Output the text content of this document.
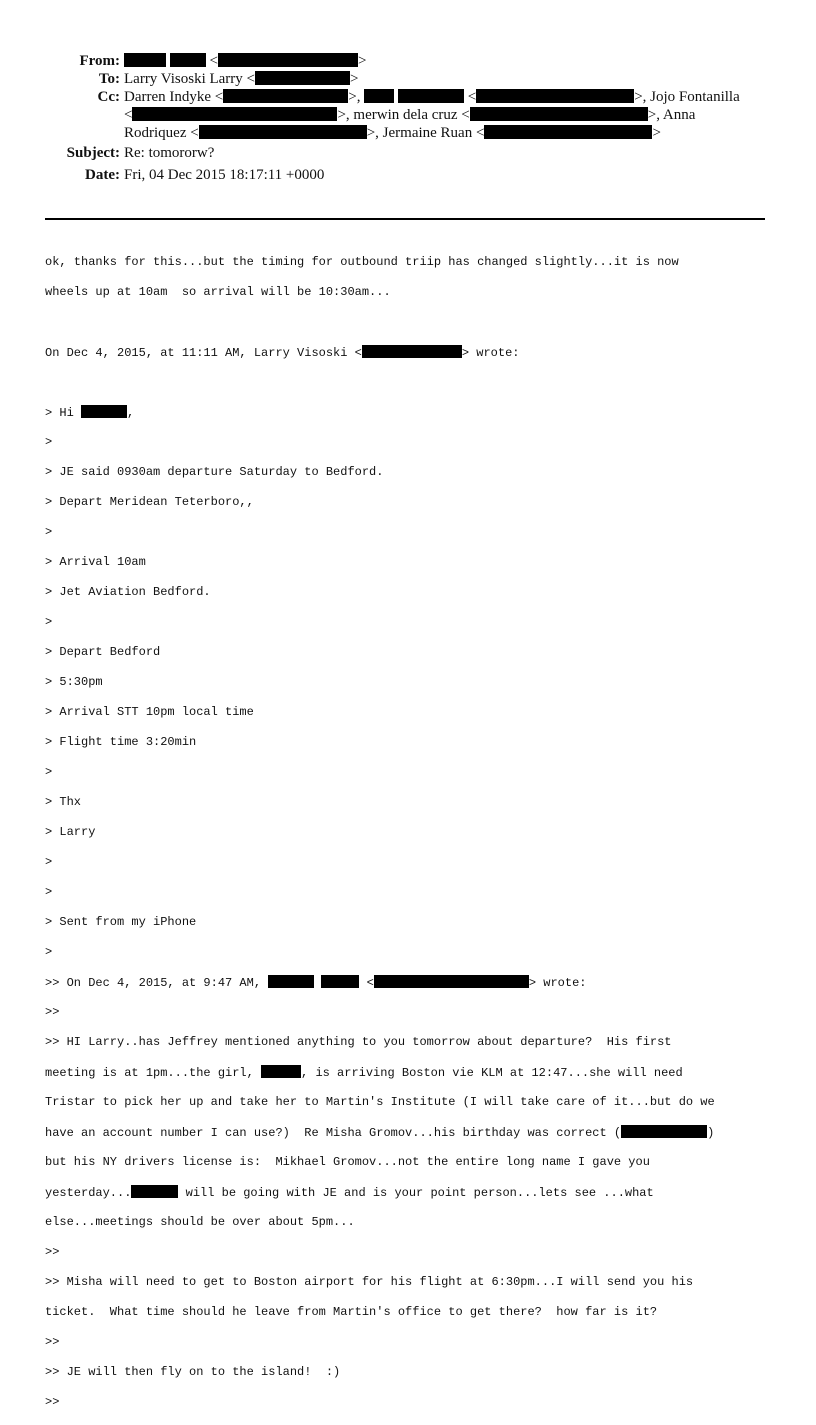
From:	<	>
To: Larry Visoski Larry <	>
Cc: Darren Indyke <	>,	<	>, Jojo Fontanilla
<	>, merwin dela cruz <	>, Anna
Rodriquez <	>, Jermaine Ruan <	>
Subject: Re: tomororw?
Date: Fri, 04 Dec 2015 18:17:11 +0000

ok, thanks for this...but the timing for outbound triip has changed slightly...it is now

wheels up at 10am  so arrival will be 10:30am...

On Dec 4, 2015, at 11:11 AM, Larry Visoski <	> wrote:

> Hi	,

>

> JE said 0930am departure Saturday to Bedford.

> Depart Meridean Teterboro,,

>

> Arrival 10am

> Jet Aviation Bedford.

>

> Depart Bedford

> 5:30pm

> Arrival STT 10pm local time

> Flight time 3:20min

>

> Thx

> Larry

>

>

> Sent from my iPhone

>

>> On Dec 4, 2015, at 9:47 AM,	<	> wrote:

>>

>> HI Larry..has Jeffrey mentioned anything to you tomorrow about departure?  His first

meeting is at 1pm...the girl,	, is arriving Boston vie KLM at 12:47...she will need

Tristar to pick her up and take her to Martin's Institute (I will take care of it...but do we

have an account number I can use?)  Re Misha Gromov...his birthday was correct (	)

but his NY drivers license is:  Mikhael Gromov...not the entire long name I gave you

yesterday...	will be going with JE and is your point person...lets see ...what

else...meetings should be over about 5pm...

>>

>> Misha will need to get to Boston airport for his flight at 6:30pm...I will send you his

ticket.  What time should he leave from Martin's office to get there?  how far is it?

>>

>> JE will then fly on to the island!  :)

>>
